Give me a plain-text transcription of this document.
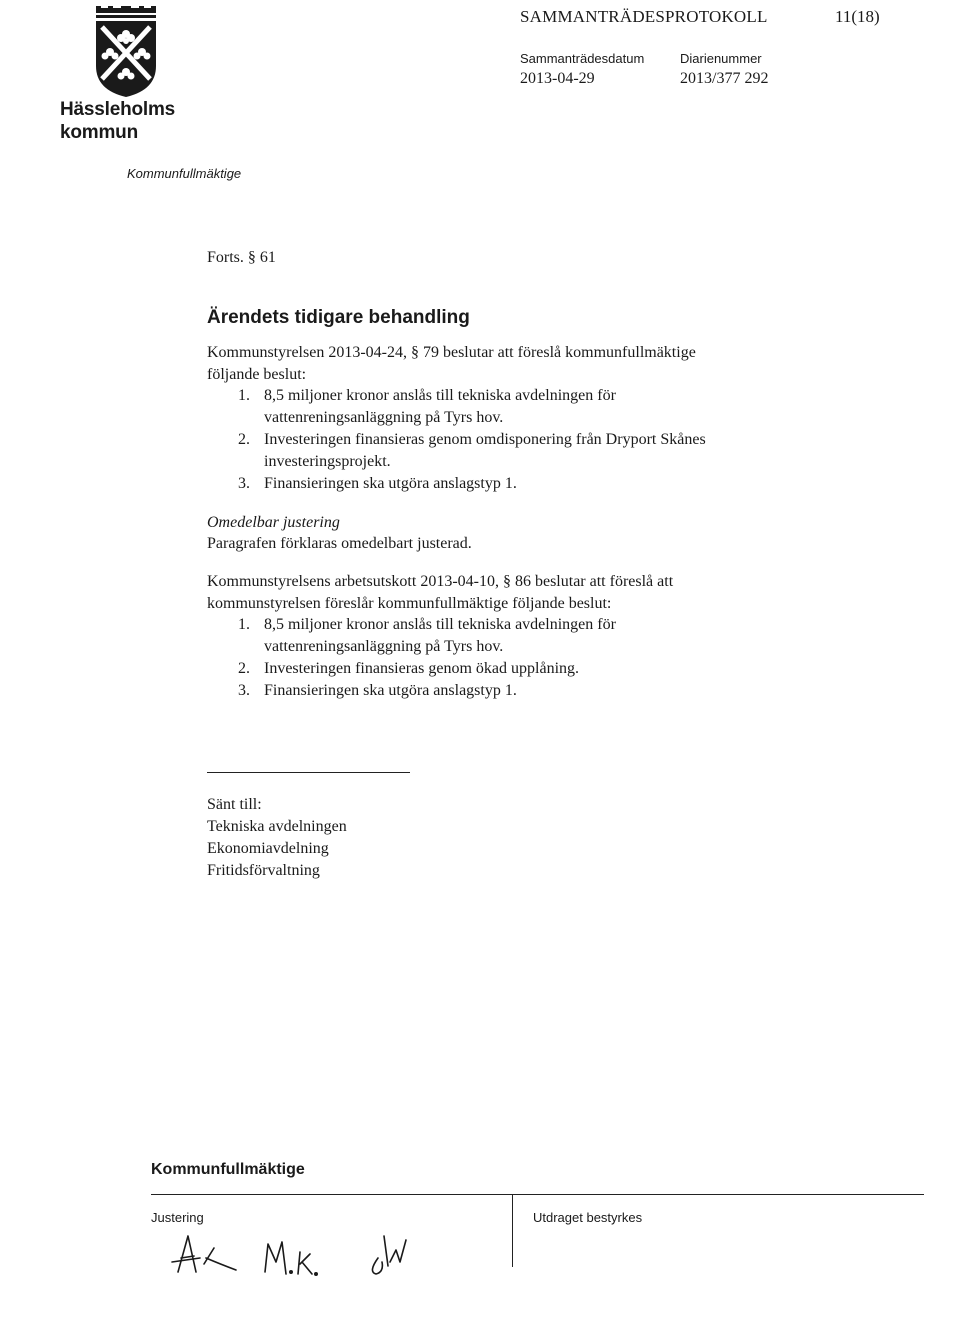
Hässleholms
kommun
Kommunfullmäktige
SAMMANTRÄDESPROTOKOLL	11(18)
Sammanträdesdatum
2013-04-29
Diarienummer
2013/377 292
Forts. § 61
Ärendets tidigare behandling
Kommunstyrelsen 2013-04-24, § 79 beslutar att föreslå kommunfullmäktige
följande beslut:
1. 8,5 miljoner kronor anslås till tekniska avdelningen för
vattenreningsanläggning på Tyrs hov.
2. Investeringen finansieras genom omdisponering från Dryport Skånes
investeringsprojekt.
3. Finansieringen ska utgöra anslagstyp 1.
Omedelbar justering
Paragrafen förklaras omedelbart justerad.
Kommunstyrelsens arbetsutskott 2013-04-10, § 86 beslutar att föreslå att
kommunstyrelsen föreslår kommunfullmäktige följande beslut:
1. 8,5 miljoner kronor anslås till tekniska avdelningen för
vattenreningsanläggning på Tyrs hov.
2. Investeringen finansieras genom ökad upplåning.
3. Finansieringen ska utgöra anslagstyp 1.
Sänt till:
Tekniska avdelningen
Ekonomiavdelning
Fritidsförvaltning
Kommunfullmäktige
Justering	Utdraget bestyrkes
